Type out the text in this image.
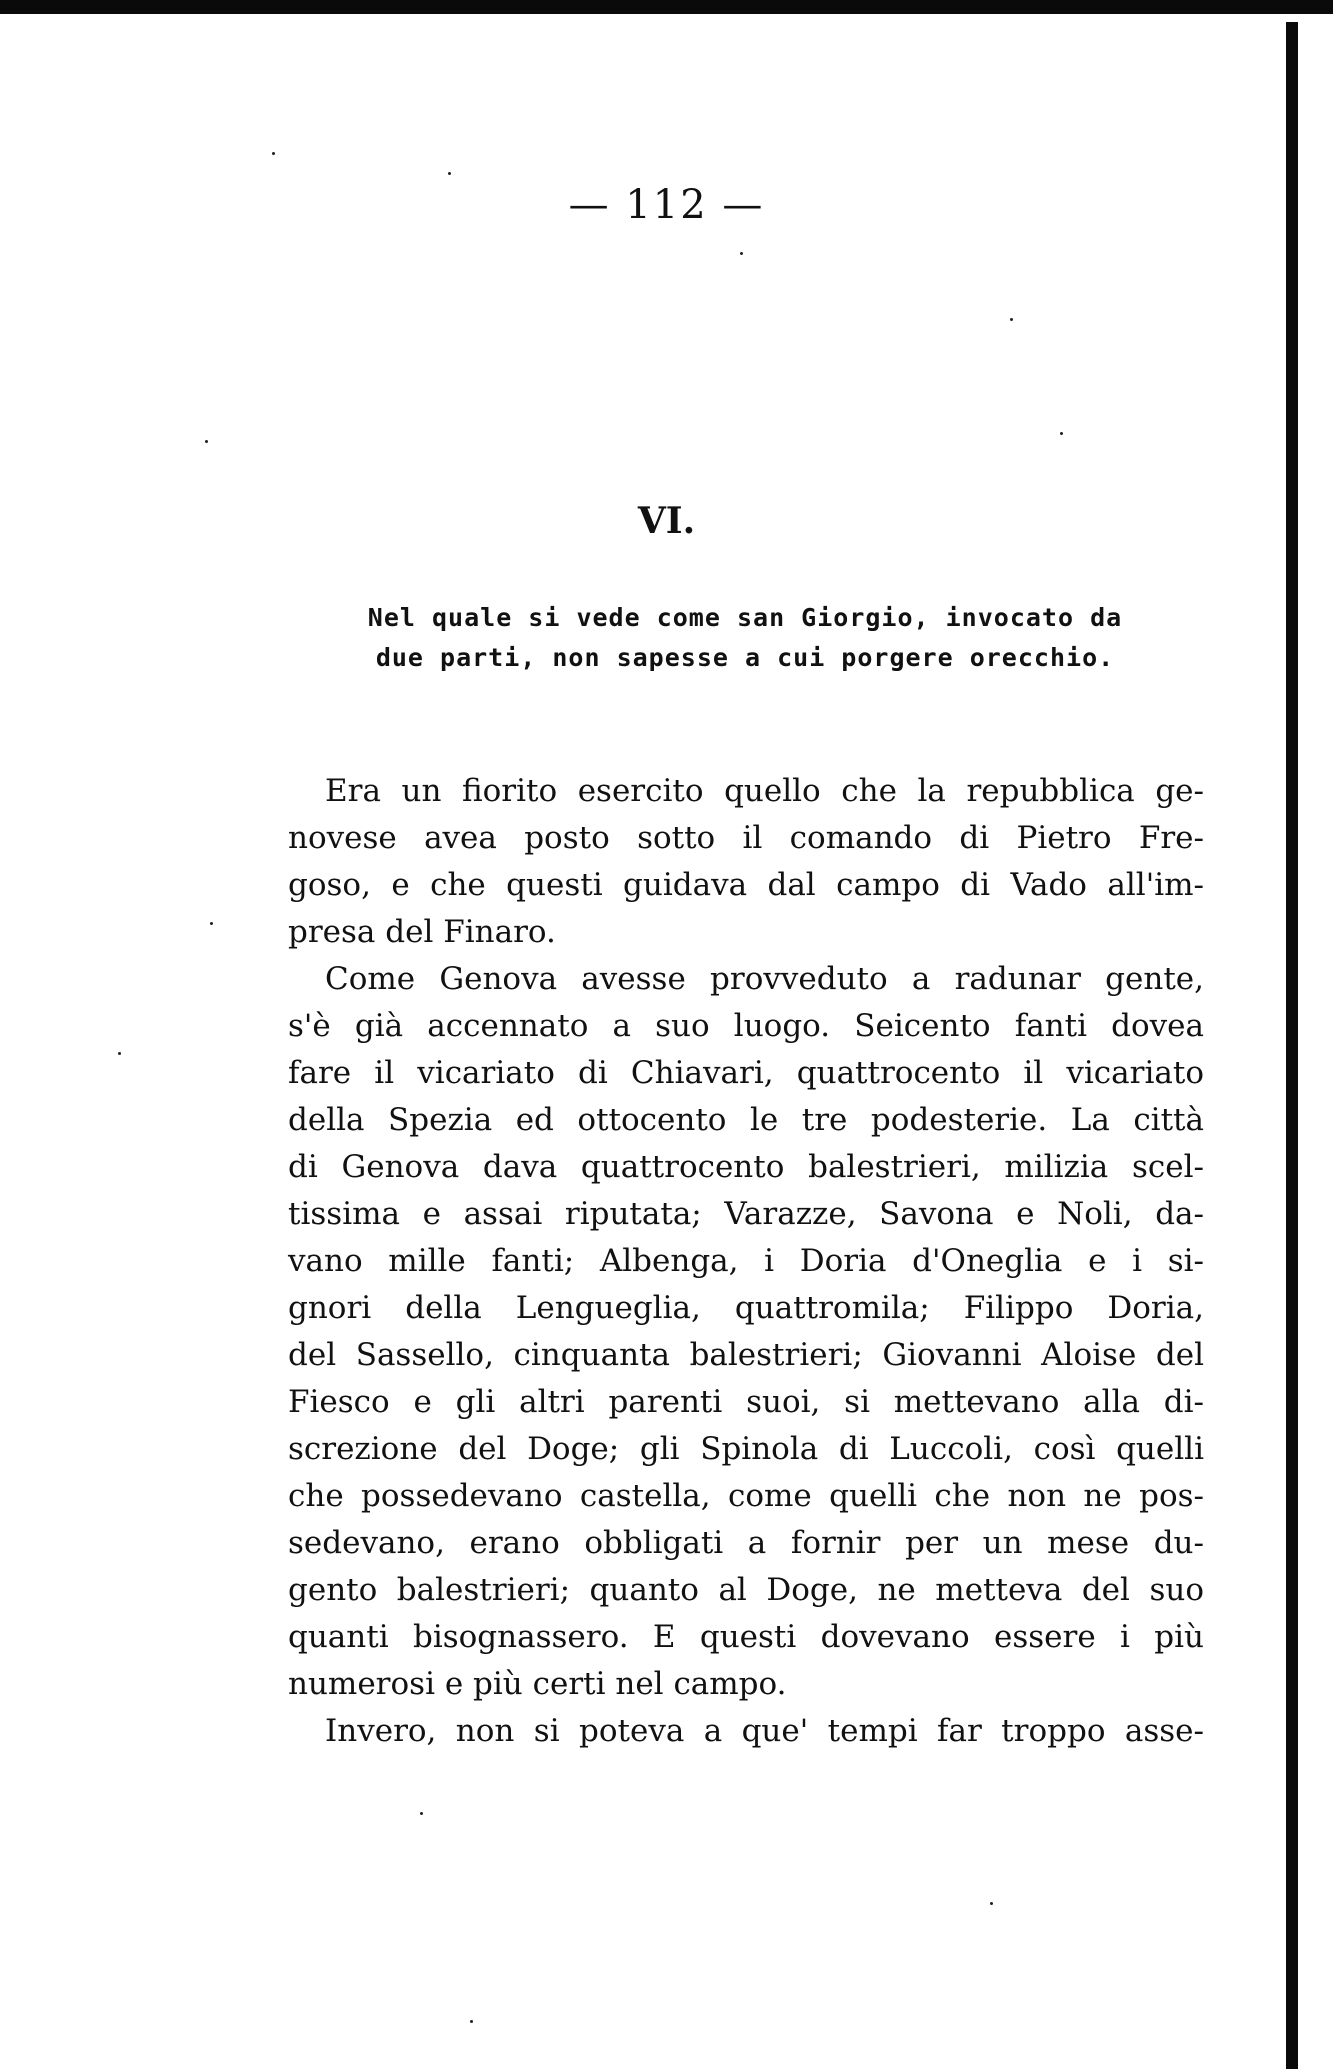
— 112 —
VI.
Nel quale si vede come san Giorgio, invocato da
due parti, non sapesse a cui porgere orecchio.
Era un fiorito esercito quello che la repubblica ge-
novese avea posto sotto il comando di Pietro Fre-
goso, e che questi guidava dal campo di Vado all'im-
presa del Finaro.
Come Genova avesse provveduto a radunar gente,
s'è già accennato a suo luogo. Seicento fanti dovea
fare il vicariato di Chiavari, quattrocento il vicariato
della Spezia ed ottocento le tre podesterie. La città
di Genova dava quattrocento balestrieri, milizia scel-
tissima e assai riputata; Varazze, Savona e Noli, da-
vano mille fanti; Albenga, i Doria d'Oneglia e i si-
gnori della Lengueglia, quattromila; Filippo Doria,
del Sassello, cinquanta balestrieri; Giovanni Aloise del
Fiesco e gli altri parenti suoi, si mettevano alla di-
screzione del Doge; gli Spinola di Luccoli, così quelli
che possedevano castella, come quelli che non ne pos-
sedevano, erano obbligati a fornir per un mese du-
gento balestrieri; quanto al Doge, ne metteva del suo
quanti bisognassero. E questi dovevano essere i più
numerosi e più certi nel campo.
Invero, non si poteva a que' tempi far troppo asse-
